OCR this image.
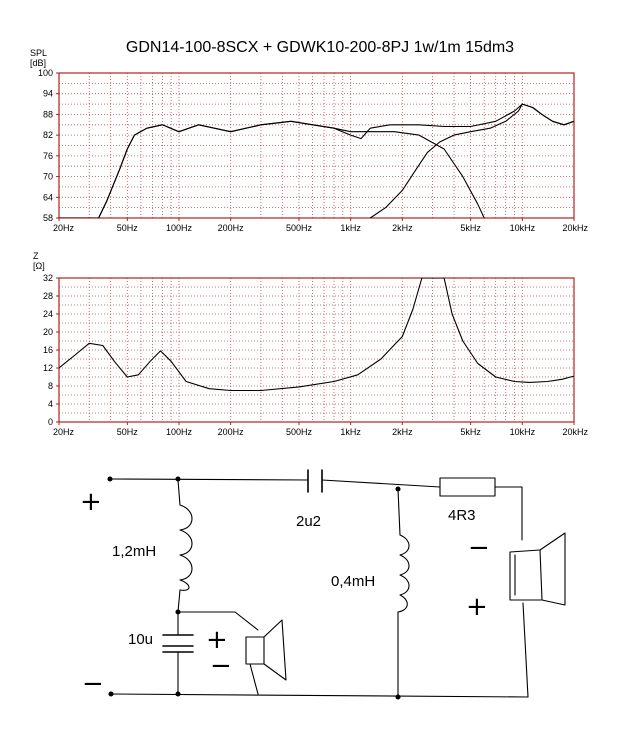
GDN14-100-8SCX + GDWK10-200-8PJ 1w/1m 15dm3
SPL
[dB]
58
64
70
76
82
88
94
100
20Hz	50Hz	100Hz	200Hz	500Hz	1kHz	2kHz	5kHz	10kHz	20kHz
Z
[Ω]
0
4
8
12
16
20
24
28
32
20Hz	50Hz	100Hz	200Hz	500Hz	1kHz	2kHz	5kHz	10kHz	20kHz
1,2mH
10u
2u2
0,4mH
4R3
+
−
+
−
−
+
